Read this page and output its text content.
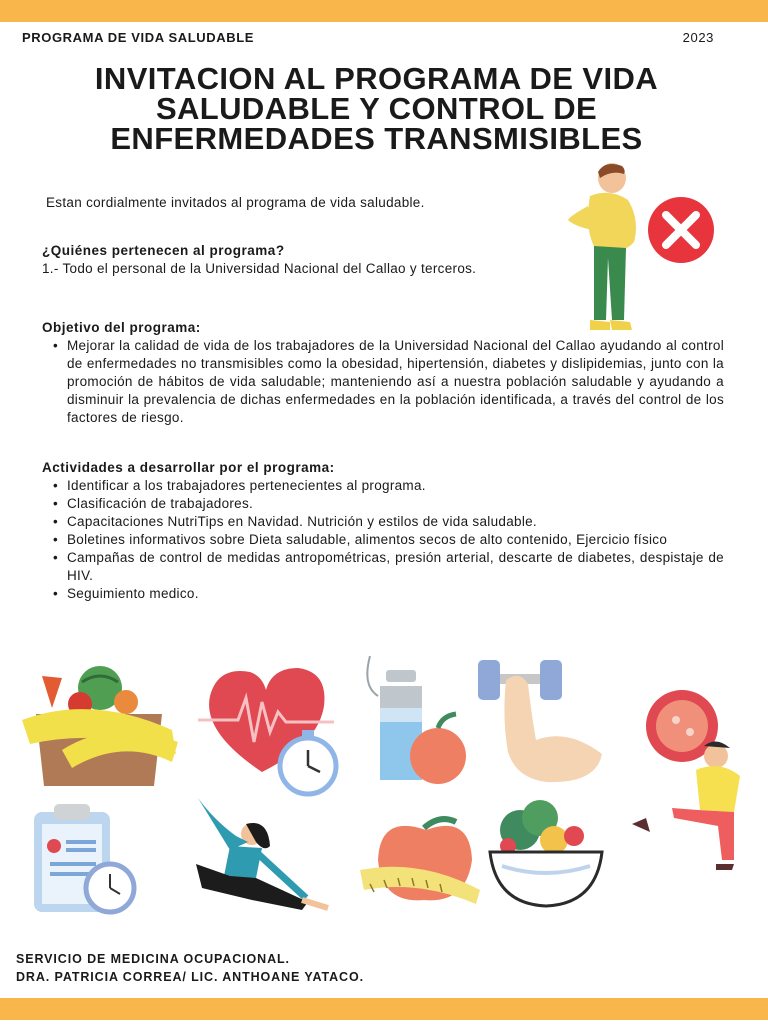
PROGRAMA DE VIDA SALUDABLE	2023
INVITACION AL PROGRAMA DE VIDA SALUDABLE Y CONTROL DE ENFERMEDADES TRANSMISIBLES

Estan cordialmente invitados al programa de vida saludable.

¿Quiénes pertenecen al programa?

1.- Todo el personal de la Universidad Nacional del Callao y terceros.

Objetivo del programa:

• Mejorar la calidad de vida de los trabajadores de la Universidad Nacional del Callao ayudando al control de enfermedades no transmisibles como la obesidad, hipertensión, diabetes y dislipidemias, junto con la promoción de hábitos de vida saludable; manteniendo así a nuestra población saludable y ayudando a disminuir la prevalencia de dichas enfermedades en la población identificada, a través del control de los factores de riesgo.

Actividades a desarrollar por el programa:

• Identificar a los trabajadores pertenecientes al programa.
• Clasificación de trabajadores.
• Capacitaciones NutriTips en Navidad. Nutrición y estilos de vida saludable.
• Boletines informativos sobre Dieta saludable, alimentos secos de alto contenido, Ejercicio físico
• Campañas de control de medidas antropométricas, presión arterial, descarte de diabetes, despistaje de HIV.
• Seguimiento medico.
SERVICIO DE MEDICINA OCUPACIONAL.
DRA. PATRICIA CORREA/ LIC. ANTHOANE YATACO.
